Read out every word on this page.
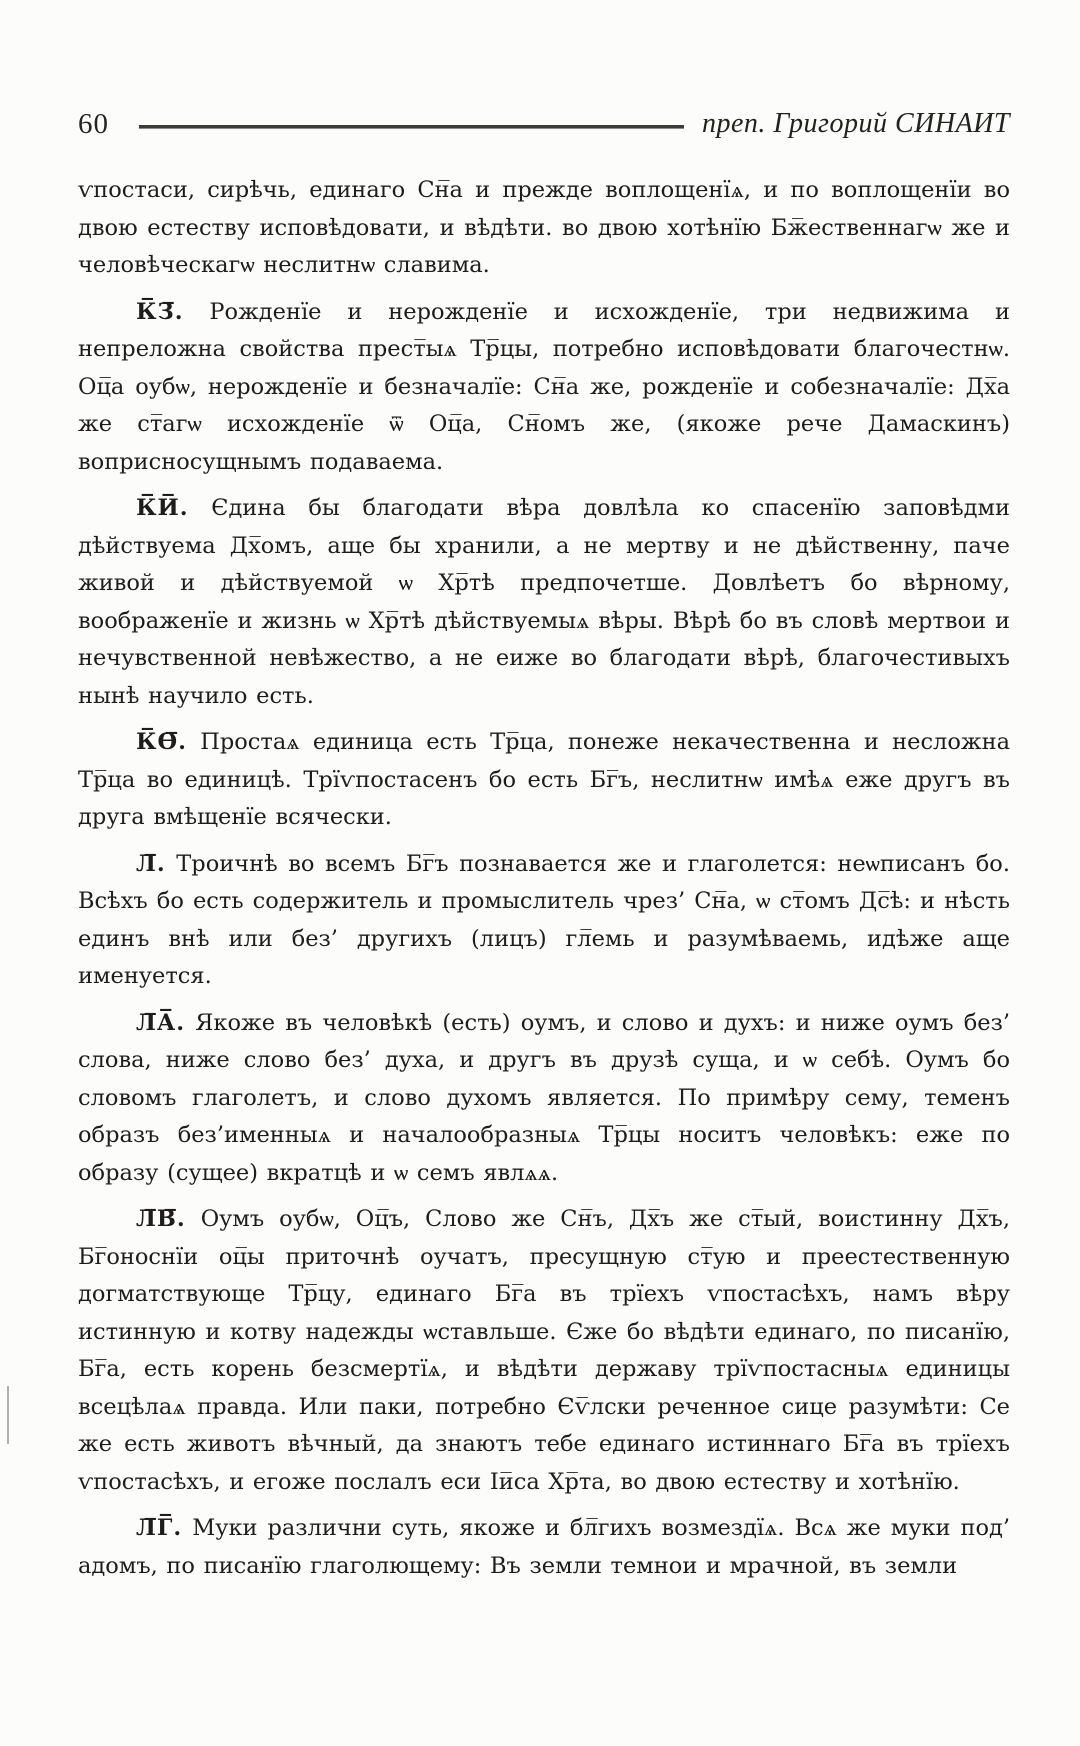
60	преп. Григорий СИНАИТ

ѵпостаси, сирѣчь, единаго Сн̅а и прежде воплощенїѧ, и по воплощенїи во двою естеству исповѣдовати, и вѣдѣти. во двою хотѣнїю Бж̅ественнагѡ же и человѣческагѡ неслитнѡ славима.

К̅З̅. Рожденїе и нерожденїе и исхожденїе, три недвижима и непреложна свойства прест̅ыѧ Тр̅цы, потребно исповѣдовати благочестнѡ. Оц̅а оубѡ, нерожденїе и безначалїе: Сн̅а же, рожденїе и собезначалїе: Дх̅а же ст̅агѡ исхожденїе ѿ Оц̅а, Сн̅омъ же, (якоже рече Дамаскинъ) воприсносущнымъ подаваема.

К̅И̅. Єдина бы благодати вѣра довлѣла ко спасенїю заповѣдми дѣйствуема Дх̅омъ, аще бы хранили, а не мертву и не дѣйственну, паче живой и дѣйствуемой ѡ Хр̅тѣ предпочетше. Довлѣетъ бо вѣрному, воображенїе и жизнь ѡ Хр̅тѣ дѣйствуемыѧ вѣры. Вѣрѣ бо въ словѣ мертвои и нечувственной невѣжество, а не еиже во благодати вѣрѣ, благочестивыхъ нынѣ научило есть.

К̅Ѳ̅. Простаѧ единица есть Тр̅ца, понеже некачественна и несложна Тр̅ца во единицѣ. Трїѵпостасенъ бо есть Бг̅ъ, неслитнѡ имѣѧ еже другъ въ друга вмѣщенїе всячески.

Л̅. Троичнѣ во всемъ Бг̅ъ познавается же и глаголется: неѡписанъ бо. Всѣхъ бо есть содержитель и промыслитель чрез’ Сн̅а, ѡ ст̅омъ Дс̅ѣ: и нѣсть единъ внѣ или без’ другихъ (лицъ) гл̅емь и разумѣваемь, идѣже аще именуется.

Л̅А̅. Якоже въ человѣкѣ (есть) оумъ, и слово и духъ: и ниже оумъ без’ слова, ниже слово без’ духа, и другъ въ друзѣ суща, и ѡ себѣ. Оумъ бо словомъ глаголетъ, и слово духомъ является. По примѣру сему, теменъ образъ без’именныѧ и началообразныѧ Тр̅цы носитъ человѣкъ: еже по образу (сущее) вкратцѣ и ѡ семъ явлѧѧ.

Л̅В̅. Оумъ оубѡ, Оц̅ъ, Слово же Сн̅ъ, Дх̅ъ же ст̅ый, воистинну Дх̅ъ, Бг̅оноснїи оц̅ы приточнѣ оучатъ, пресущную ст̅ую и преестественную догматствующе Тр̅цу, единаго Бг̅а въ трїехъ ѵпостасѣхъ, намъ вѣру истинную и котву надежды ѡставльше. Єже бо вѣдѣти единаго, по писанїю, Бг̅а, есть корень безсмертїѧ, и вѣдѣти державу трїѵпостасныѧ единицы всецѣлаѧ правда. Или паки, потребно Єѵ̅лски реченное сице разумѣти: Се же есть животъ вѣчный, да знаютъ тебе единаго истиннаго Бг̅а въ трїехъ ѵпостасѣхъ, и егоже послалъ еси Іи̅са Хр̅та, во двою естеству и хотѣнїю.

Л̅Г̅. Муки различни суть, якоже и бл̅гихъ возмездїѧ. Всѧ же муки под’ адомъ, по писанїю глаголющему: Въ земли темнои и мрачной, въ земли
